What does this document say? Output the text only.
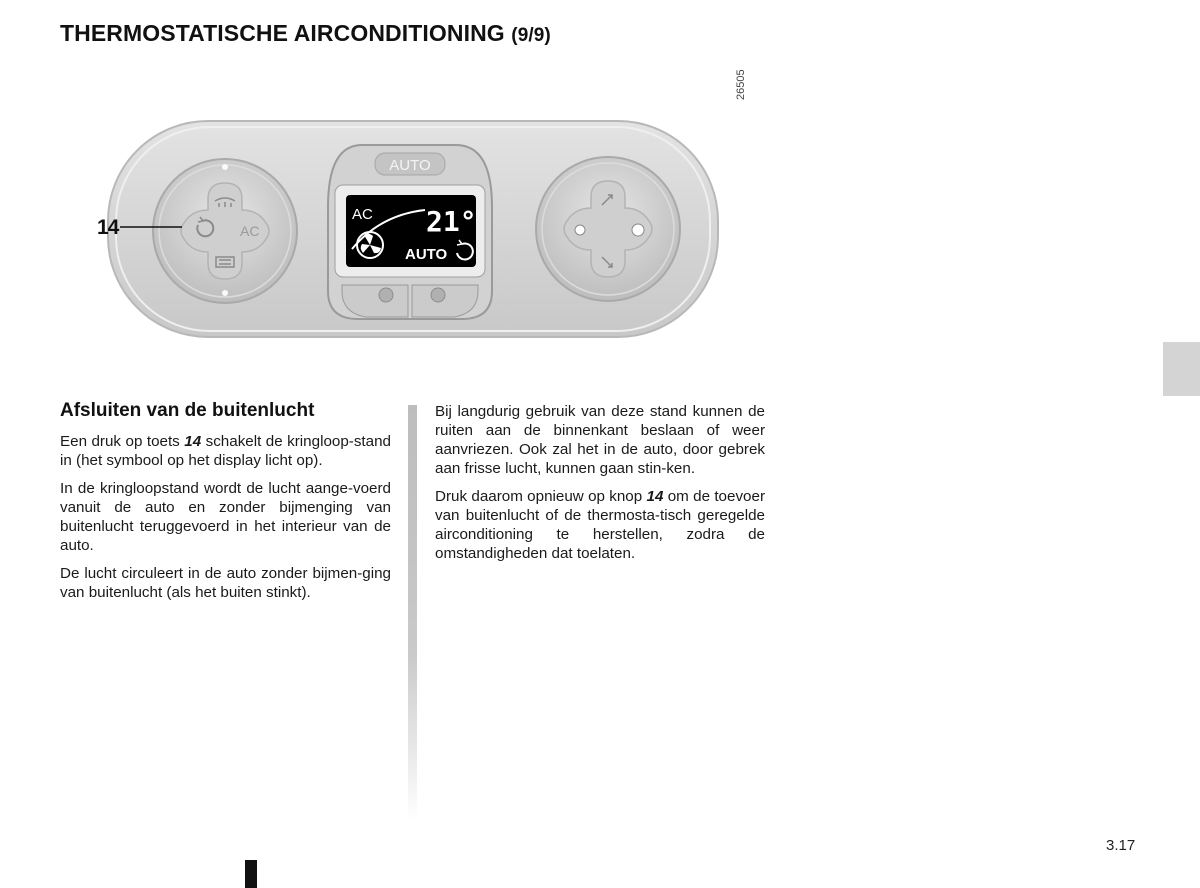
THERMOSTATISCHE AIRCONDITIONING (9/9)
26505
AC
AUTO
AC 21°
AUTO
14
Afsluiten van de buitenlucht

Een druk op toets 14 schakelt de kringloop-stand in (het symbool op het display licht op).

In de kringloopstand wordt de lucht aange-voerd vanuit de auto en zonder bijmenging van buitenlucht teruggevoerd in het interieur van de auto.

De lucht circuleert in de auto zonder bijmen-ging van buitenlucht (als het buiten stinkt).

Bij langdurig gebruik van deze stand kunnen de ruiten aan de binnenkant beslaan of weer aanvriezen. Ook zal het in de auto, door gebrek aan frisse lucht, kunnen gaan stin-ken.

Druk daarom opnieuw op knop 14 om de toevoer van buitenlucht of de thermosta-tisch geregelde airconditioning te herstellen, zodra de omstandigheden dat toelaten.

3.17
